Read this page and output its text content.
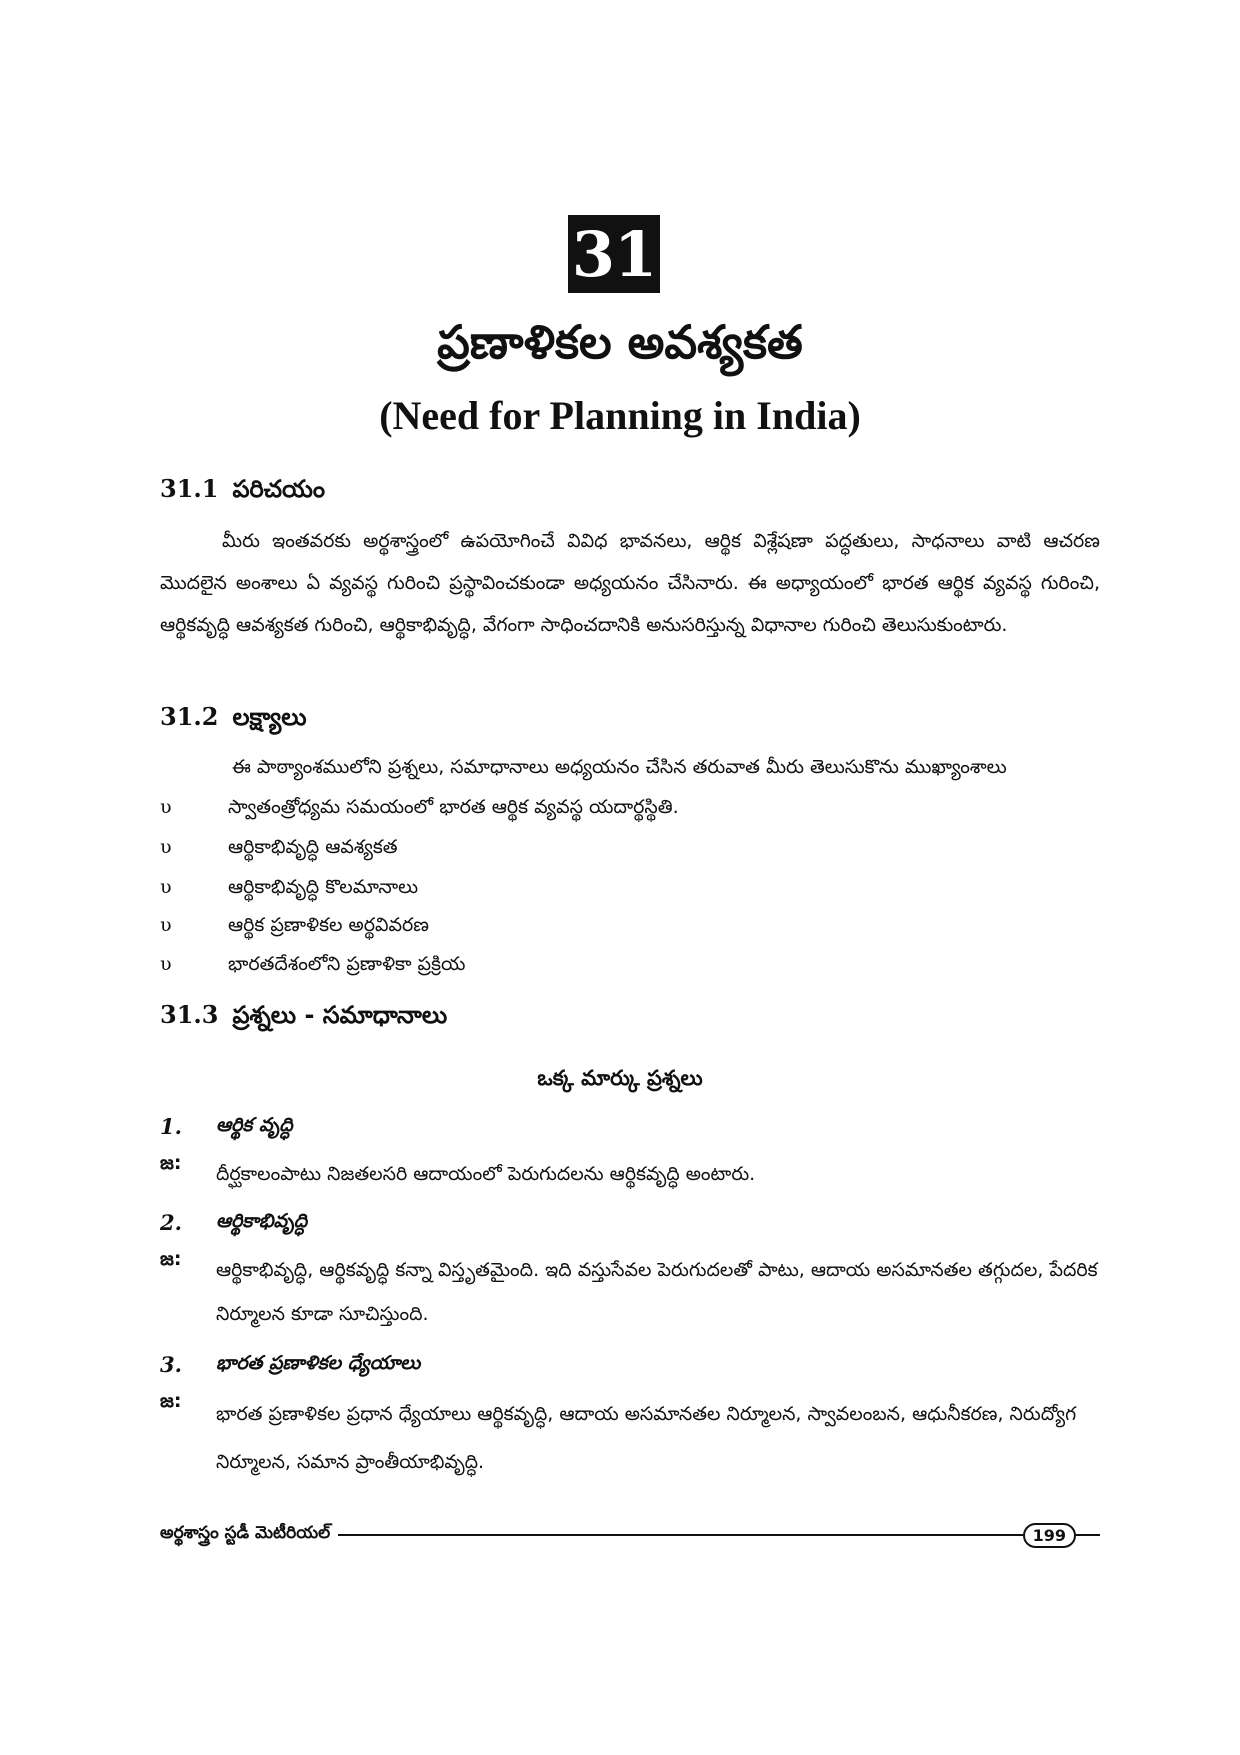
31
ప్రణాళికల అవశ్యకత
(Need for Planning in India)
31.1 పరిచయం
మీరు ఇంతవరకు అర్థశాస్త్రంలో ఉపయోగించే వివిధ భావనలు, ఆర్థిక విశ్లేషణా పద్ధతులు, సాధనాలు వాటి ఆచరణ మొదలైన అంశాలు ఏ వ్యవస్థ గురించి ప్రస్థావించకుండా అధ్యయనం చేసినారు. ఈ అధ్యాయంలో భారత ఆర్థిక వ్యవస్థ గురించి, ఆర్థికవృద్ధి ఆవశ్యకత గురించి, ఆర్థికాభివృద్ధి, వేగంగా సాధించదానికి అనుసరిస్తున్న విధానాల గురించి తెలుసుకుంటారు.
31.2 లక్ష్యాలు
ఈ పాఠ్యాంశములోని ప్రశ్నలు, సమాధానాలు అధ్యయనం చేసిన తరువాత మీరు తెలుసుకొను ముఖ్యాంశాలు
υ	స్వాతంత్రోధ్యమ సమయంలో భారత ఆర్థిక వ్యవస్థ యదార్థస్థితి.
υ	ఆర్థికాభివృద్ధి ఆవశ్యకత
υ	ఆర్థికాభివృద్ధి కొలమానాలు
υ	ఆర్థిక ప్రణాళికల అర్థవివరణ
υ	భారతదేశంలోని ప్రణాళికా ప్రక్రియ
31.3 ప్రశ్నలు - సమాధానాలు
ఒక్క మార్కు ప్రశ్నలు
1.	ఆర్థిక వృద్ధి
జ:	దీర్ఘకాలంపాటు నిజతలసరి ఆదాయంలో పెరుగుదలను ఆర్థికవృద్ధి అంటారు.
2.	ఆర్థికాభివృద్ధి
జ:	ఆర్థికాభివృద్ధి, ఆర్థికవృద్ధి కన్నా విస్తృతమైంది. ఇది వస్తుసేవల పెరుగుదలతో పాటు, ఆదాయ అసమానతల తగ్గుదల, పేదరిక నిర్మూలన కూడా సూచిస్తుంది.
3.	భారత ప్రణాళికల ధ్యేయాలు
జ:
భారత ప్రణాళికల ప్రధాన ధ్యేయాలు ఆర్థికవృద్ధి, ఆదాయ అసమానతల నిర్మూలన, స్వావలంబన, ఆధునీకరణ, నిరుద్యోగ నిర్మూలన, సమాన ప్రాంతీయాభివృద్ధి.
అర్థశాస్త్రం స్టడీ మెటీరియల్	199
